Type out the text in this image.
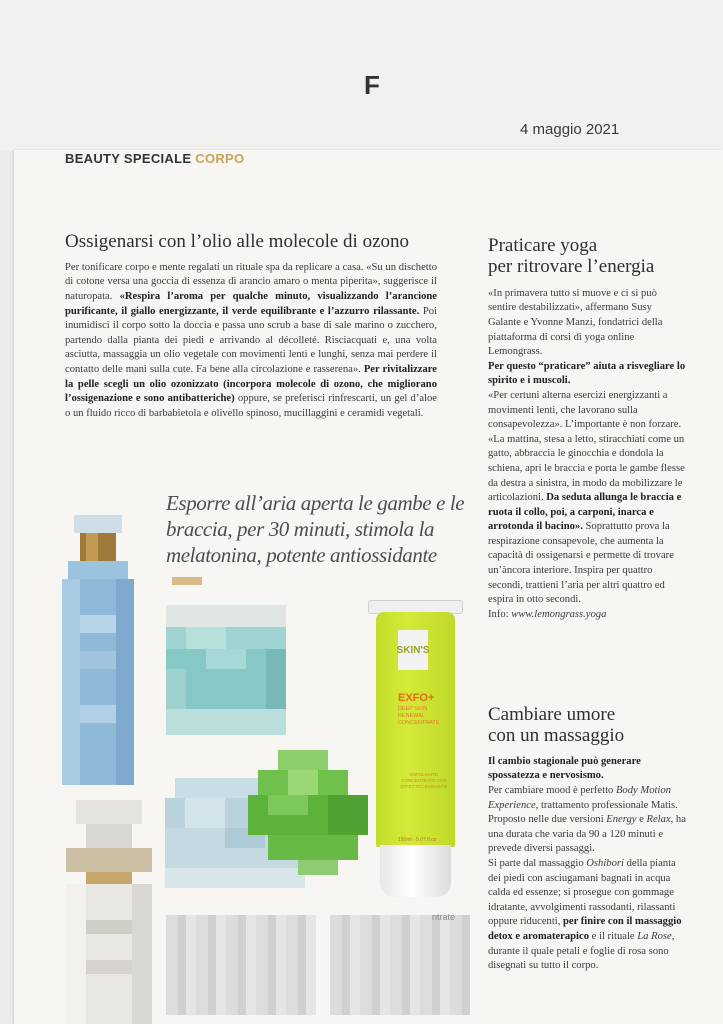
F
4 maggio 2021
BEAUTY SPECIALE CORPO
Ossigenarsi con l’olio alle molecole di ozono

Per tonificare corpo e mente regalati un rituale spa da replicare a casa. «Su un dischetto di cotone versa una goccia di essenza di arancio amaro o menta piperita», suggerisce il naturopata. «Respira l’aroma per qualche minuto, visualizzando l’arancione purificante, il giallo energizzante, il verde equilibrante e l’azzurro rilassante. Poi inumidisci il corpo sotto la doccia e passa uno scrub a base di sale marino o zucchero, partendo dalla pianta dei piedi e arrivando al décolleté. Risciacquati e, una volta asciutta, massaggia un olio vegetale con movimenti lenti e lunghi, senza mai perdere il contatto delle mani sulla cute. Fa bene alla circolazione e rasserena». Per rivitalizzare la pelle scegli un olio ozonizzato (incorpora molecole di ozono, che migliorano l’ossigenazione e sono antibatteriche) oppure, se preferisci rinfrescarti, un gel d’aloe o un fluido ricco di barbabietola e olivello spinoso, mucillaggini e ceramidi vegetali.

Esporre all’aria aperta le gambe e le braccia, per 30 minuti, stimola la melatonina, potente antiossidante
ntrate
SKIN'S
EXFO+
DEEP SKIN RENEWAL CONCENTRATE
ESFOLIANTE CONCENTRATO CON EFFETTO LEVIGANTE
150ml · 5.07 fl.oz
Praticare yoga
per ritrovare l’energia

«In primavera tutto si muove e ci si può sentire destabilizzati», affermano Susy Galante e Yvonne Manzi, fondatrici della piattaforma di corsi di yoga online Lemongrass.

Per questo “praticare” aiuta a risvegliare lo spirito e i muscoli.

«Per certuni alterna esercizi energizzanti a movimenti lenti, che lavorano sulla consapevolezza». L’importante è non forzare.

«La mattina, stesa a letto, stiracchiati come un gatto, abbraccia le ginocchia e dondola la schiena, apri le braccia e porta le gambe flesse da destra a sinistra, in modo da mobilizzare le articolazioni. Da seduta allunga le braccia e ruota il collo, poi, a carponi, inarca e arrotonda il bacino». Soprattutto prova la respirazione consapevole, che aumenta la capacità di ossigenarsi e permette di trovare un’àncora interiore. Inspira per quattro secondi, trattieni l’aria per altri quattro ed espira in otto secondi.

Info: www.lemongrass.yoga

Cambiare umore
con un massaggio

Il cambio stagionale può generare spossatezza e nervosismo.

Per cambiare mood è perfetto Body Motion Experience, trattamento professionale Matis. Proposto nelle due versioni Energy e Relax, ha una durata che varia da 90 a 120 minuti e prevede diversi passaggi.

Si parte dal massaggio Oshibori della pianta dei piedi con asciugamani bagnati in acqua calda ed essenze; si prosegue con gommage idratante, avvolgimenti rassodanti, rilassanti oppure riducenti, per finire con il massaggio detox e aromaterapico e il rituale La Rose, durante il quale petali e foglie di rosa sono disegnati su tutto il corpo.
